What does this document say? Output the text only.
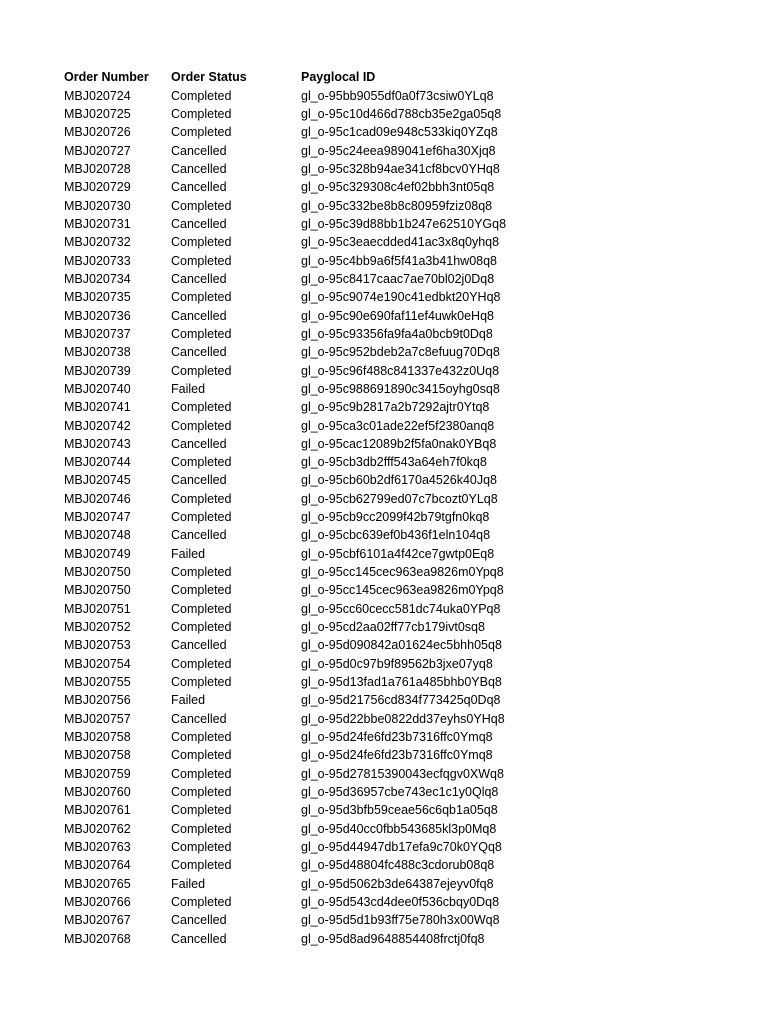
Order Number	Order Status	Payglocal ID
MBJ020724	Completed	gl_o-95bb9055df0a0f73csiw0YLq8
MBJ020725	Completed	gl_o-95c10d466d788cb35e2ga05q8
MBJ020726	Completed	gl_o-95c1cad09e948c533kiq0YZq8
MBJ020727	Cancelled	gl_o-95c24eea989041ef6ha30Xjq8
MBJ020728	Cancelled	gl_o-95c328b94ae341cf8bcv0YHq8
MBJ020729	Cancelled	gl_o-95c329308c4ef02bbh3nt05q8
MBJ020730	Completed	gl_o-95c332be8b8c80959fziz08q8
MBJ020731	Cancelled	gl_o-95c39d88bb1b247e62510YGq8
MBJ020732	Completed	gl_o-95c3eaecdded41ac3x8q0yhq8
MBJ020733	Completed	gl_o-95c4bb9a6f5f41a3b41hw08q8
MBJ020734	Cancelled	gl_o-95c8417caac7ae70bl02j0Dq8
MBJ020735	Completed	gl_o-95c9074e190c41edbkt20YHq8
MBJ020736	Cancelled	gl_o-95c90e690faf11ef4uwk0eHq8
MBJ020737	Completed	gl_o-95c93356fa9fa4a0bcb9t0Dq8
MBJ020738	Cancelled	gl_o-95c952bdeb2a7c8efuug70Dq8
MBJ020739	Completed	gl_o-95c96f488c841337e432z0Uq8
MBJ020740	Failed	gl_o-95c988691890c3415oyhg0sq8
MBJ020741	Completed	gl_o-95c9b2817a2b7292ajtr0Ytq8
MBJ020742	Completed	gl_o-95ca3c01ade22ef5f2380anq8
MBJ020743	Cancelled	gl_o-95cac12089b2f5fa0nak0YBq8
MBJ020744	Completed	gl_o-95cb3db2fff543a64eh7f0kq8
MBJ020745	Cancelled	gl_o-95cb60b2df6170a4526k40Jq8
MBJ020746	Completed	gl_o-95cb62799ed07c7bcozt0YLq8
MBJ020747	Completed	gl_o-95cb9cc2099f42b79tgfn0kq8
MBJ020748	Cancelled	gl_o-95cbc639ef0b436f1eln104q8
MBJ020749	Failed	gl_o-95cbf6101a4f42ce7gwtp0Eq8
MBJ020750	Completed	gl_o-95cc145cec963ea9826m0Ypq8
MBJ020750	Completed	gl_o-95cc145cec963ea9826m0Ypq8
MBJ020751	Completed	gl_o-95cc60cecc581dc74uka0YPq8
MBJ020752	Completed	gl_o-95cd2aa02ff77cb179ivt0sq8
MBJ020753	Cancelled	gl_o-95d090842a01624ec5bhh05q8
MBJ020754	Completed	gl_o-95d0c97b9f89562b3jxe07yq8
MBJ020755	Completed	gl_o-95d13fad1a761a485bhb0YBq8
MBJ020756	Failed	gl_o-95d21756cd834f773425q0Dq8
MBJ020757	Cancelled	gl_o-95d22bbe0822dd37eyhs0YHq8
MBJ020758	Completed	gl_o-95d24fe6fd23b7316ffc0Ymq8
MBJ020758	Completed	gl_o-95d24fe6fd23b7316ffc0Ymq8
MBJ020759	Completed	gl_o-95d27815390043ecfqgv0XWq8
MBJ020760	Completed	gl_o-95d36957cbe743ec1c1y0Qlq8
MBJ020761	Completed	gl_o-95d3bfb59ceae56c6qb1a05q8
MBJ020762	Completed	gl_o-95d40cc0fbb543685kl3p0Mq8
MBJ020763	Completed	gl_o-95d44947db17efa9c70k0YQq8
MBJ020764	Completed	gl_o-95d48804fc488c3cdorub08q8
MBJ020765	Failed	gl_o-95d5062b3de64387ejeyv0fq8
MBJ020766	Completed	gl_o-95d543cd4dee0f536cbqy0Dq8
MBJ020767	Cancelled	gl_o-95d5d1b93ff75e780h3x00Wq8
MBJ020768	Cancelled	gl_o-95d8ad9648854408frctj0fq8
